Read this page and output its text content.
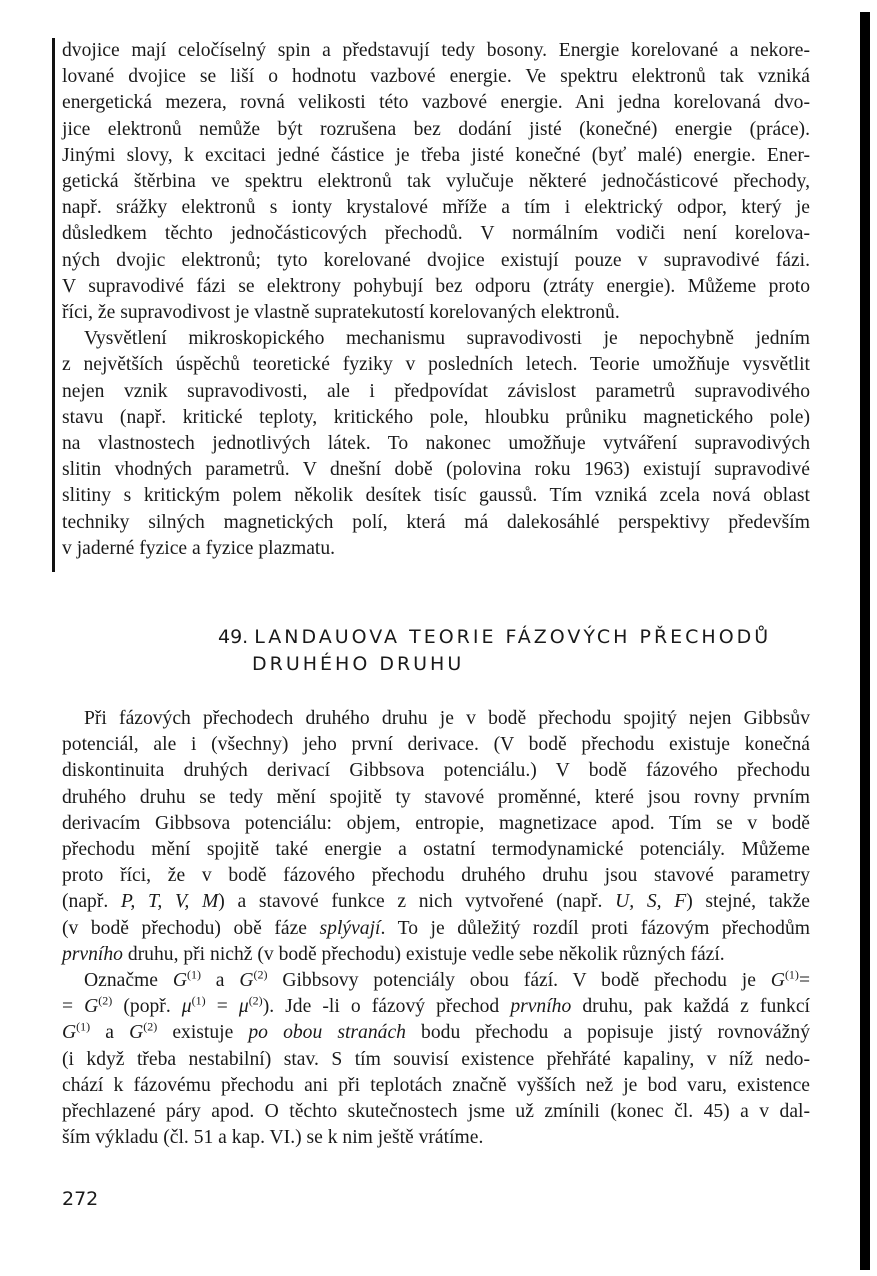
dvojice mají celočíselný spin a představují tedy bosony. Energie korelované a nekore-
lované dvojice se liší o hodnotu vazbové energie. Ve spektru elektronů tak vzniká
energetická mezera, rovná velikosti této vazbové energie. Ani jedna korelovaná dvo-
jice elektronů nemůže být rozrušena bez dodání jisté (konečné) energie (práce).
Jinými slovy, k excitaci jedné částice je třeba jisté konečné (byť malé) energie. Ener-
getická štěrbina ve spektru elektronů tak vylučuje některé jednočásticové přechody,
např. srážky elektronů s ionty krystalové mříže a tím i elektrický odpor, který je
důsledkem těchto jednočásticových přechodů. V normálním vodiči není korelova-
ných dvojic elektronů; tyto korelované dvojice existují pouze v supravodivé fázi.
V supravodivé fázi se elektrony pohybují bez odporu (ztráty energie). Můžeme proto
říci, že supravodivost je vlastně supratekutostí korelovaných elektronů.

Vysvětlení mikroskopického mechanismu supravodivosti je nepochybně jedním
z největších úspěchů teoretické fyziky v posledních letech. Teorie umožňuje vysvětlit
nejen vznik supravodivosti, ale i předpovídat závislost parametrů supravodivého
stavu (např. kritické teploty, kritického pole, hloubku průniku magnetického pole)
na vlastnostech jednotlivých látek. To nakonec umožňuje vytváření supravodivých
slitin vhodných parametrů. V dnešní době (polovina roku 1963) existují supravodivé
slitiny s kritickým polem několik desítek tisíc gaussů. Tím vzniká zcela nová oblast
techniky silných magnetických polí, která má dalekosáhlé perspektivy především
v jaderné fyzice a fyzice plazmatu.

49. LANDAUOVA TEORIE FÁZOVÝCH PŘECHODŮ
DRUHÉHO DRUHU

Při fázových přechodech druhého druhu je v bodě přechodu spojitý nejen Gibbsův
potenciál, ale i (všechny) jeho první derivace. (V bodě přechodu existuje konečná
diskontinuita druhých derivací Gibbsova potenciálu.) V bodě fázového přechodu
druhého druhu se tedy mění spojitě ty stavové proměnné, které jsou rovny prvním
derivacím Gibbsova potenciálu: objem, entropie, magnetizace apod. Tím se v bodě
přechodu mění spojitě také energie a ostatní termodynamické potenciály. Můžeme
proto říci, že v bodě fázového přechodu druhého druhu jsou stavové parametry
(např. P, T, V, M) a stavové funkce z nich vytvořené (např. U, S, F) stejné, takže
(v bodě přechodu) obě fáze splývají. To je důležitý rozdíl proti fázovým přechodům
prvního druhu, při nichž (v bodě přechodu) existuje vedle sebe několik různých fází.

Označme $G^{(1)}$ a $G^{(2)}$ Gibbsovy potenciály obou fází. V bodě přechodu je $G^{(1)}=$
= $G^{(2)}$ (popř. $\mu^{(1)} = \mu^{(2)}$). Jde -li o fázový přechod prvního druhu, pak každá z funkcí
$G^{(1)}$ a $G^{(2)}$ existuje po obou stranách bodu přechodu a popisuje jistý rovnovážný
(i když třeba nestabilní) stav. S tím souvisí existence přehřáté kapaliny, v níž nedo-
chází k fázovému přechodu ani při teplotách značně vyšších než je bod varu, existence
přechlazené páry apod. O těchto skutečnostech jsme už zmínili (konec čl. 45) a v dal-
ším výkladu (čl. 51 a kap. VI.) se k nim ještě vrátíme.

272
